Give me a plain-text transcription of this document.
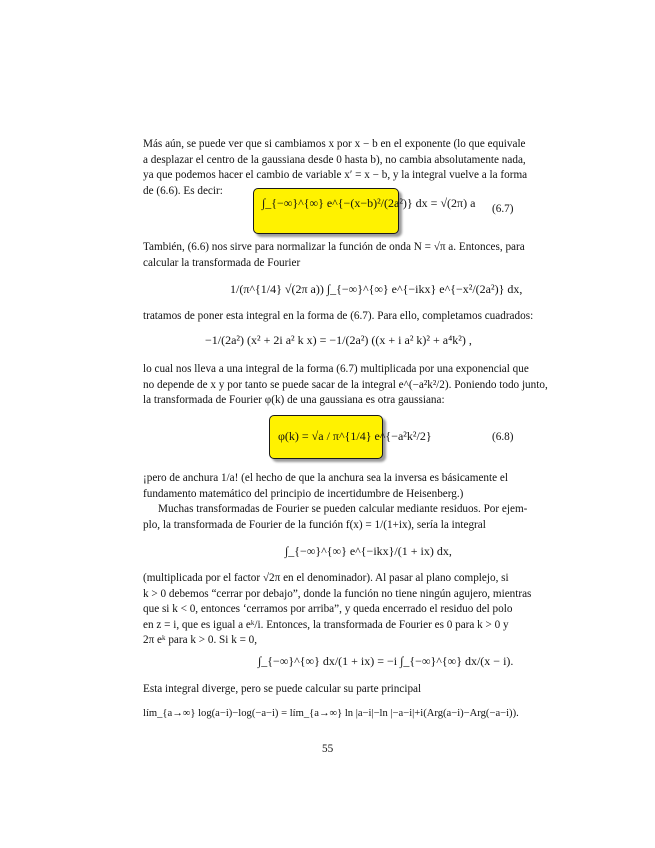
Más aún, se puede ver que si cambiamos x por x − b en el exponente (lo que equivale
a desplazar el centro de la gaussiana desde 0 hasta b), no cambia absolutamente nada,
ya que podemos hacer el cambio de variable x′ = x − b, y la integral vuelve a la forma
de (6.6). Es decir:
∫_{−∞}^{∞} e^{−(x−b)²/(2a²)} dx = √(2π) a (6.7)
También, (6.6) nos sirve para normalizar la función de onda N = √π a. Entonces, para
calcular la transformada de Fourier
1/(π^{1/4} √(2π a)) ∫_{−∞}^{∞} e^{−ikx} e^{−x²/(2a²)} dx,
tratamos de poner esta integral en la forma de (6.7). Para ello, completamos cuadrados:
−1/(2a²) (x² + 2i a² k x) = −1/(2a²) ((x + i a² k)² + a⁴k²) ,
lo cual nos lleva a una integral de la forma (6.7) multiplicada por una exponencial que
no depende de x y por tanto se puede sacar de la integral e^(−a²k²/2). Poniendo todo junto,
la transformada de Fourier φ(k) de una gaussiana es otra gaussiana:
φ(k) = √a / π^{1/4} e^{−a²k²/2}	(6.8)
¡pero de anchura 1/a! (el hecho de que la anchura sea la inversa es básicamente el
fundamento matemático del principio de incertidumbre de Heisenberg.)
Muchas transformadas de Fourier se pueden calcular mediante residuos. Por ejem-
plo, la transformada de Fourier de la función f(x) = 1/(1+ix), sería la integral
∫_{−∞}^{∞} e^{−ikx}/(1 + ix) dx,
(multiplicada por el factor √2π en el denominador). Al pasar al plano complejo, si
k > 0 debemos “cerrar por debajo”, donde la función no tiene ningún agujero, mientras
que si k < 0, entonces ‘cerramos por arriba”, y queda encerrado el residuo del polo
en z = i, que es igual a eᵏ/i. Entonces, la transformada de Fourier es 0 para k > 0 y
2π eᵏ para k > 0. Si k = 0,
∫_{−∞}^{∞} dx/(1 + ix) = −i ∫_{−∞}^{∞} dx/(x − i).
Esta integral diverge, pero se puede calcular su parte principal
lím_{a→∞} log(a−i)−log(−a−i) = lím_{a→∞} ln |a−i|−ln |−a−i|+i(Arg(a−i)−Arg(−a−i)).
55
